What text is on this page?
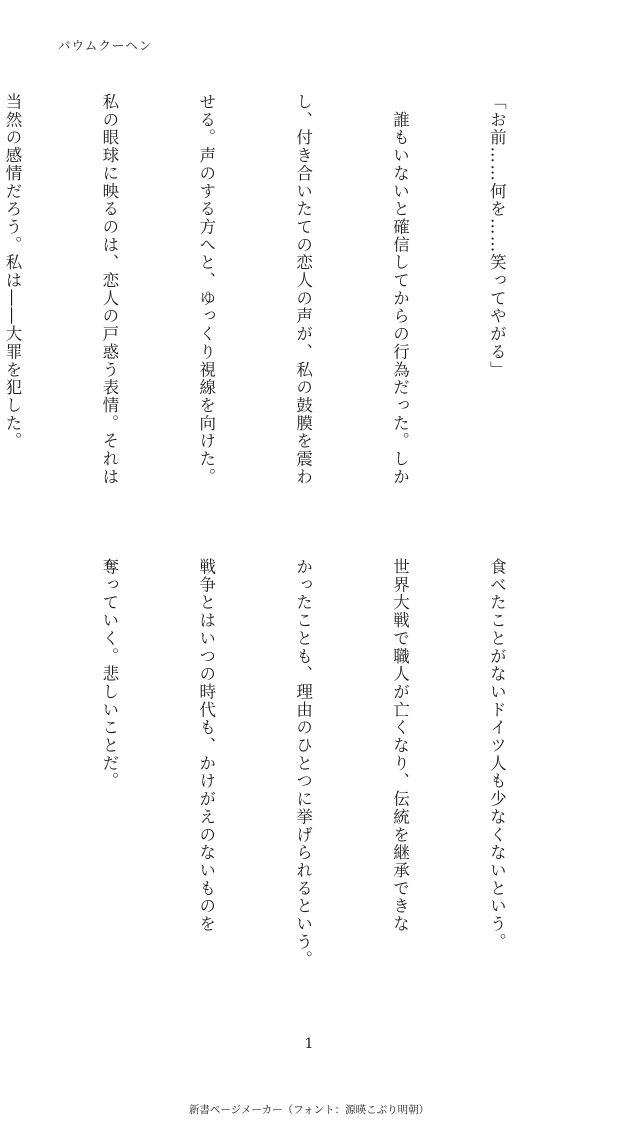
バウムクーヘン

「お前……何を……笑ってやがる」

　誰もいないと確信してからの行為だった。しか

し、付き合いたての恋人の声が、私の鼓膜を震わ

せる。声のする方へと、ゆっくり視線を向けた。

私の眼球に映るのは、恋人の戸惑う表情。それは

当然の感情だろう。私は――大罪を犯した。

食べたことがないドイツ人も少なくないという。

世界大戦で職人が亡くなり、伝統を継承できな

かったことも、理由のひとつに挙げられるという。

戦争とはいつの時代も、かけがえのないものを

奪っていく。悲しいことだ。

1
新書ページメーカー（フォント：源暎こぶり明朝）
